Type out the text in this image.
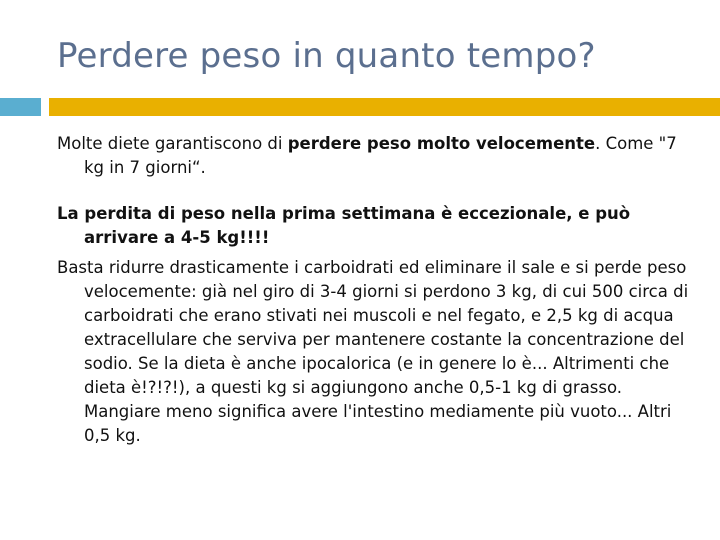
Perdere peso in quanto tempo?

Molte diete garantiscono di perdere peso molto velocemente. Come "7 kg in 7 giorni“.

La perdita di peso nella prima settimana è eccezionale, e può arrivare a 4-5 kg!!!!

Basta ridurre drasticamente i carboidrati ed eliminare il sale e si perde peso velocemente: già nel giro di 3-4 giorni si perdono 3 kg, di cui 500 circa di carboidrati che erano stivati nei muscoli e nel fegato, e 2,5 kg di acqua extracellulare che serviva per mantenere costante la concentrazione del sodio. Se la dieta è anche ipocalorica (e in genere lo è... Altrimenti che dieta è!?!?!), a questi kg si aggiungono anche 0,5-1 kg di grasso. Mangiare meno significa avere l'intestino mediamente più vuoto... Altri 0,5 kg.
